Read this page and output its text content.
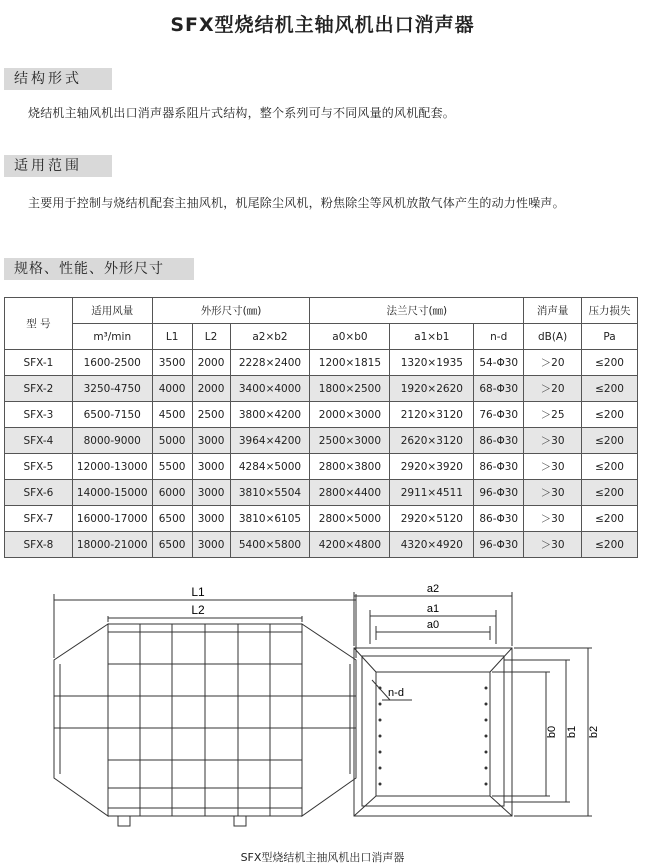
SFX型烧结机主轴风机出口消声器
结构形式
烧结机主轴风机出口消声器系阻片式结构，整个系列可与不同风量的风机配套。
适用范围
主要用于控制与烧结机配套主抽风机，机尾除尘风机，粉焦除尘等风机放散气体产生的动力性噪声。
规格、性能、外形尺寸
型 号	适用风量	外形尺寸(㎜)			法兰尺寸(㎜)			消声量	压力损失
	m³/min	L1	L2	a2×b2	a0×b0	a1×b1	n-d	dB(A)	Pa
SFX-1	1600-2500	3500	2000	2228×2400	1200×1815	1320×1935	54-Φ30	＞20	≤200
SFX-2	3250-4750	4000	2000	3400×4000	1800×2500	1920×2620	68-Φ30	＞20	≤200
SFX-3	6500-7150	4500	2500	3800×4200	2000×3000	2120×3120	76-Φ30	＞25	≤200
SFX-4	8000-9000	5000	3000	3964×4200	2500×3000	2620×3120	86-Φ30	＞30	≤200
SFX-5	12000-13000	5500	3000	4284×5000	2800×3800	2920×3920	86-Φ30	＞30	≤200
SFX-6	14000-15000	6000	3000	3810×5504	2800×4400	2911×4511	96-Φ30	＞30	≤200
SFX-7	16000-17000	6500	3000	3810×6105	2800×5000	2920×5120	86-Φ30	＞30	≤200
SFX-8	18000-21000	6500	3000	5400×5800	4200×4800	4320×4920	96-Φ30	＞30	≤200
L1
L2
a2
a1
a0
b2
b1
b0
n-d
SFX型烧结机主抽风机出口消声器
